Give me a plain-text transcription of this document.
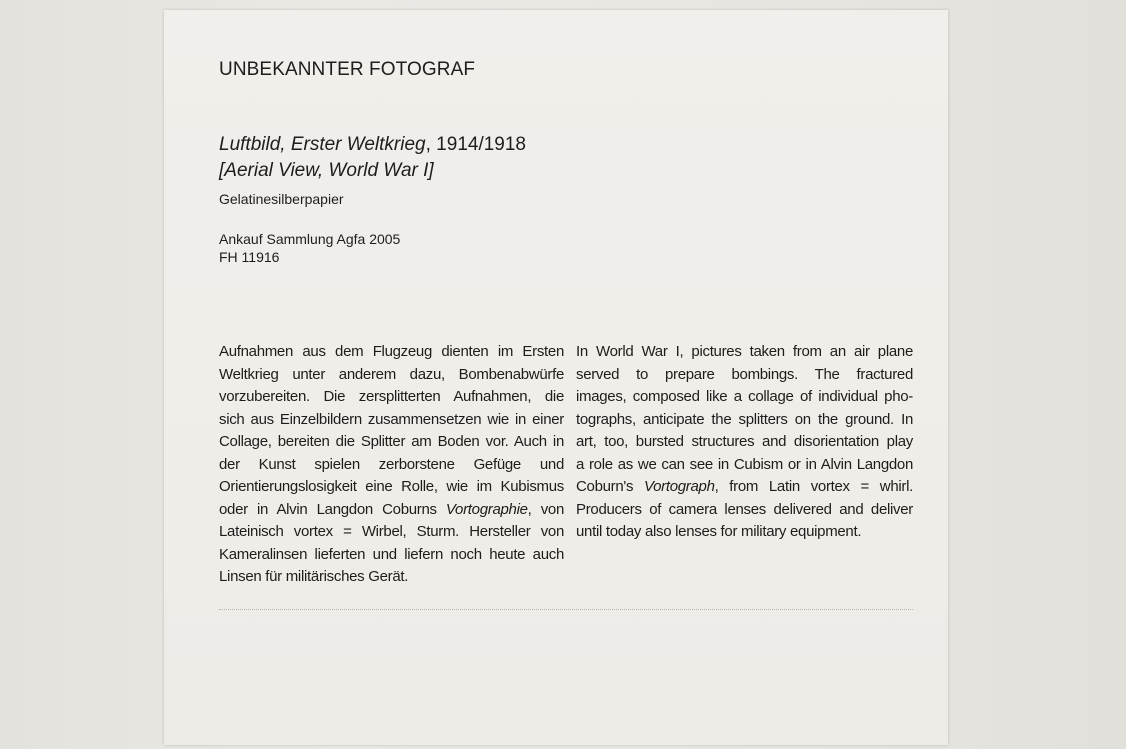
UNBEKANNTER FOTOGRAF
Luftbild, Erster Weltkrieg, 1914/1918
[Aerial View, World War I]
Gelatinesilberpapier
Ankauf Sammlung Agfa 2005
FH 11916
Aufnahmen aus dem Flugzeug dienten im Ersten
Weltkrieg unter anderem dazu, Bombenabwürfe
vorzubereiten. Die zersplitterten Aufnahmen, die
sich aus Einzelbildern zusammensetzen wie in einer
Collage, bereiten die Splitter am Boden vor. Auch in
der Kunst spielen zerborstene Gefüge und
Orientierungslosigkeit eine Rolle, wie im Kubismus
oder in Alvin Langdon Coburns Vortographie, von
Lateinisch vortex = Wirbel, Sturm. Hersteller von
Kameralinsen lieferten und liefern noch heute auch
Linsen für militärisches Gerät.
In World War I, pictures taken from an air plane
served to prepare bombings. The fractured
images, composed like a collage of individual pho-
tographs, anticipate the splitters on the ground. In
art, too, bursted structures and disorientation play
a role as we can see in Cubism or in Alvin Langdon
Coburn's Vortograph, from Latin vortex = whirl.
Producers of camera lenses delivered and deliver
until today also lenses for military equipment.
